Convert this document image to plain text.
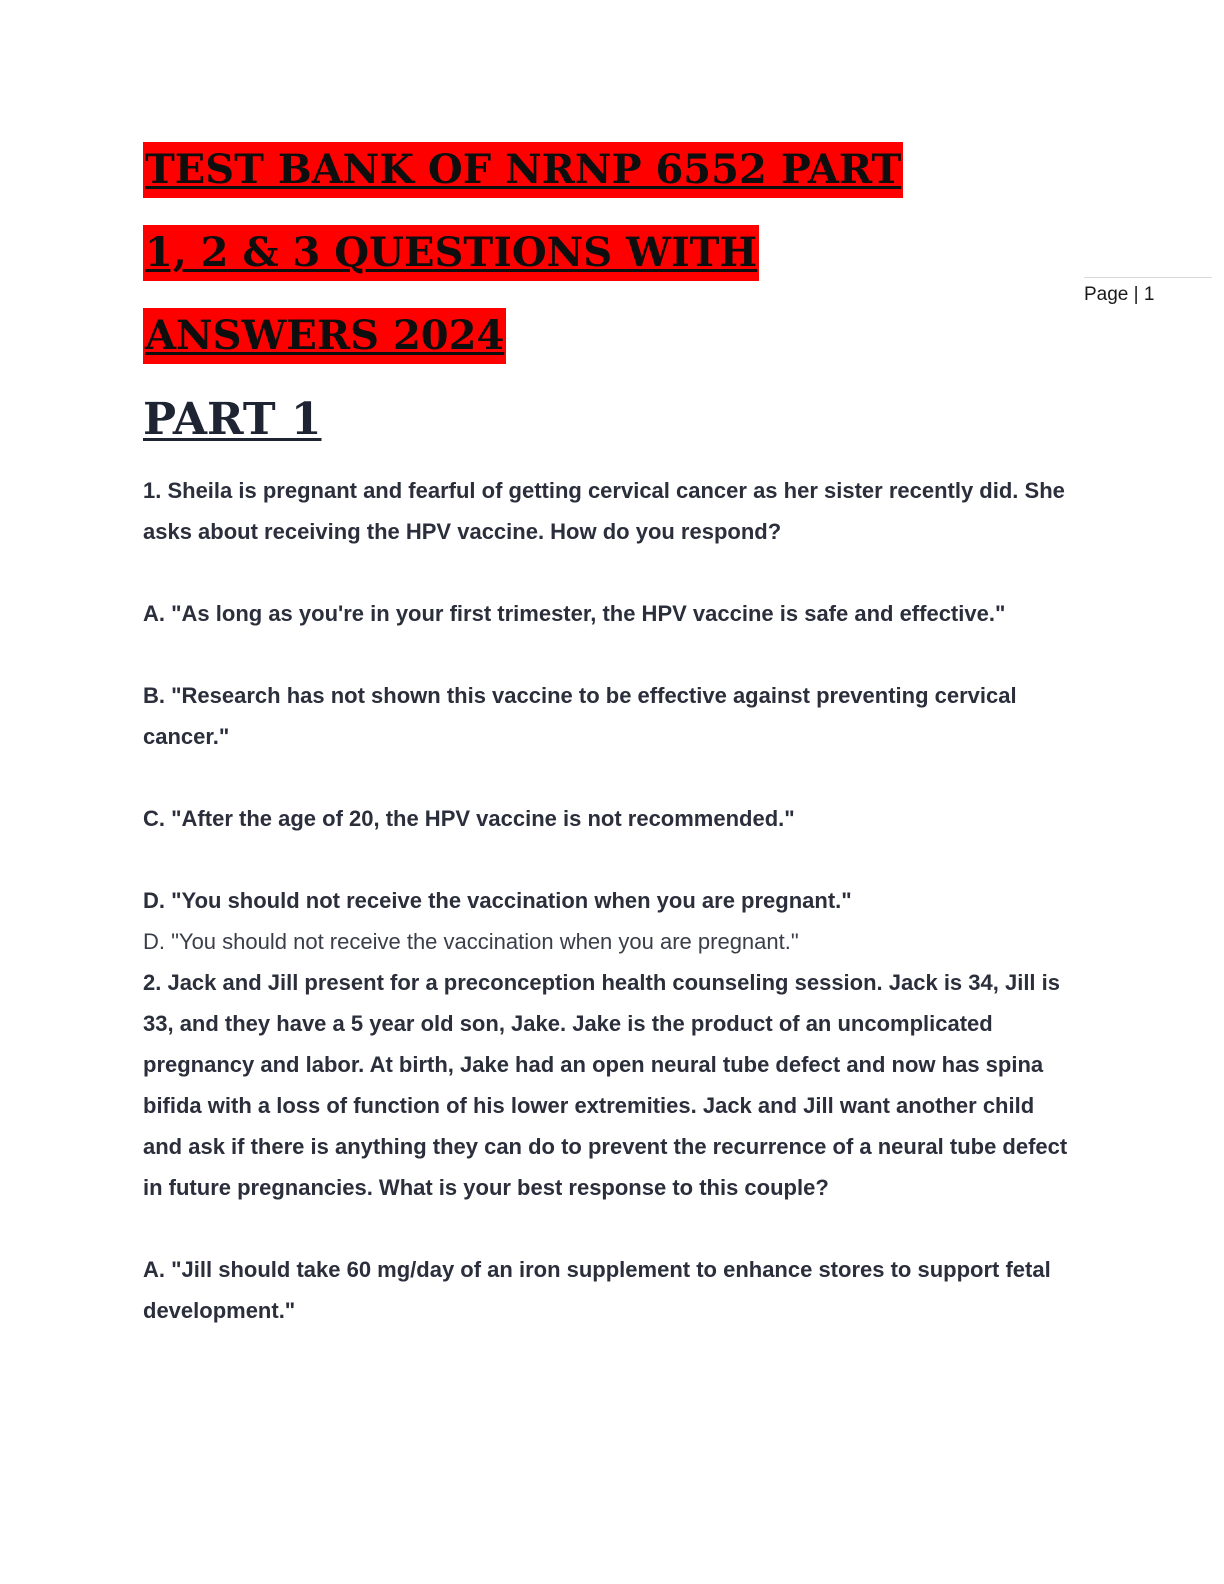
Page | 1
TEST BANK OF NRNP 6552 PART
1, 2 & 3 QUESTIONS WITH
ANSWERS 2024
PART 1

1. Sheila is pregnant and fearful of getting cervical cancer as her sister recently did. She asks about receiving the HPV vaccine. How do you respond?

A. "As long as you're in your first trimester, the HPV vaccine is safe and effective."

B. "Research has not shown this vaccine to be effective against preventing cervical cancer."

C. "After the age of 20, the HPV vaccine is not recommended."

D. "You should not receive the vaccination when you are pregnant."

D. "You should not receive the vaccination when you are pregnant."

2. Jack and Jill present for a preconception health counseling session. Jack is 34, Jill is 33, and they have a 5 year old son, Jake. Jake is the product of an uncomplicated pregnancy and labor. At birth, Jake had an open neural tube defect and now has spina bifida with a loss of function of his lower extremities. Jack and Jill want another child and ask if there is anything they can do to prevent the recurrence of a neural tube defect in future pregnancies. What is your best response to this couple?

A. "Jill should take 60 mg/day of an iron supplement to enhance stores to support fetal development."
